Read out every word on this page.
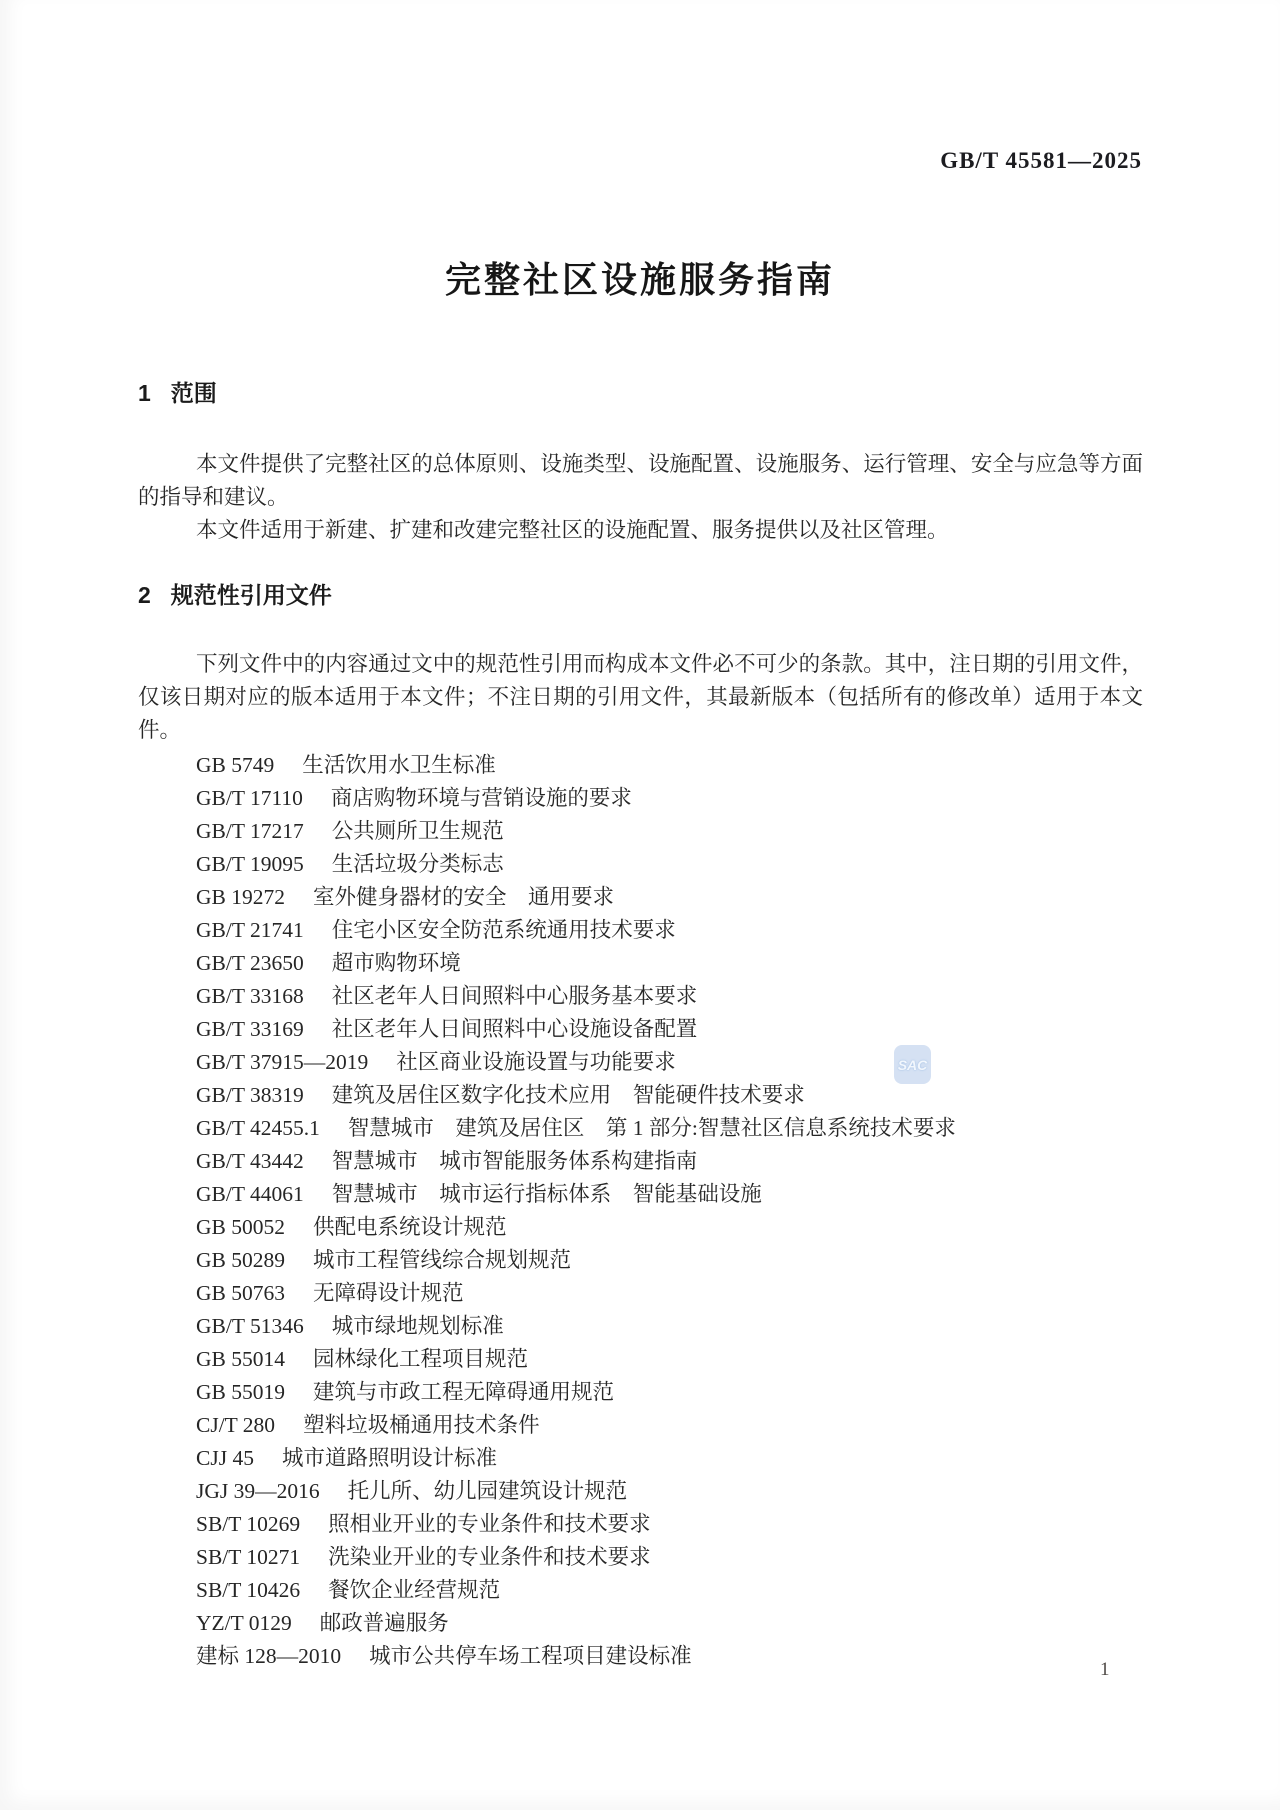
GB/T 45581—2025
完整社区设施服务指南
1 范围

本文件提供了完整社区的总体原则、设施类型、设施配置、设施服务、运行管理、安全与应急等方面的指导和建议。

本文件适用于新建、扩建和改建完整社区的设施配置、服务提供以及社区管理。

2 规范性引用文件

下列文件中的内容通过文中的规范性引用而构成本文件必不可少的条款。其中，注日期的引用文件，仅该日期对应的版本适用于本文件；不注日期的引用文件，其最新版本（包括所有的修改单）适用于本文件。

GB 5749 生活饮用水卫生标准
GB/T 17110 商店购物环境与营销设施的要求
GB/T 17217 公共厕所卫生规范
GB/T 19095 生活垃圾分类标志
GB 19272 室外健身器材的安全　通用要求
GB/T 21741 住宅小区安全防范系统通用技术要求
GB/T 23650 超市购物环境
GB/T 33168 社区老年人日间照料中心服务基本要求
GB/T 33169 社区老年人日间照料中心设施设备配置
GB/T 37915—2019 社区商业设施设置与功能要求
GB/T 38319 建筑及居住区数字化技术应用　智能硬件技术要求
GB/T 42455.1 智慧城市　建筑及居住区　第 1 部分:智慧社区信息系统技术要求
GB/T 43442 智慧城市　城市智能服务体系构建指南
GB/T 44061 智慧城市　城市运行指标体系　智能基础设施
GB 50052 供配电系统设计规范
GB 50289 城市工程管线综合规划规范
GB 50763 无障碍设计规范
GB/T 51346 城市绿地规划标准
GB 55014 园林绿化工程项目规范
GB 55019 建筑与市政工程无障碍通用规范
CJ/T 280 塑料垃圾桶通用技术条件
CJJ 45 城市道路照明设计标准
JGJ 39—2016 托儿所、幼儿园建筑设计规范
SB/T 10269 照相业开业的专业条件和技术要求
SB/T 10271 洗染业开业的专业条件和技术要求
SB/T 10426 餐饮企业经营规范
YZ/T 0129 邮政普遍服务
建标 128—2010 城市公共停车场工程项目建设标准
SAC
1
